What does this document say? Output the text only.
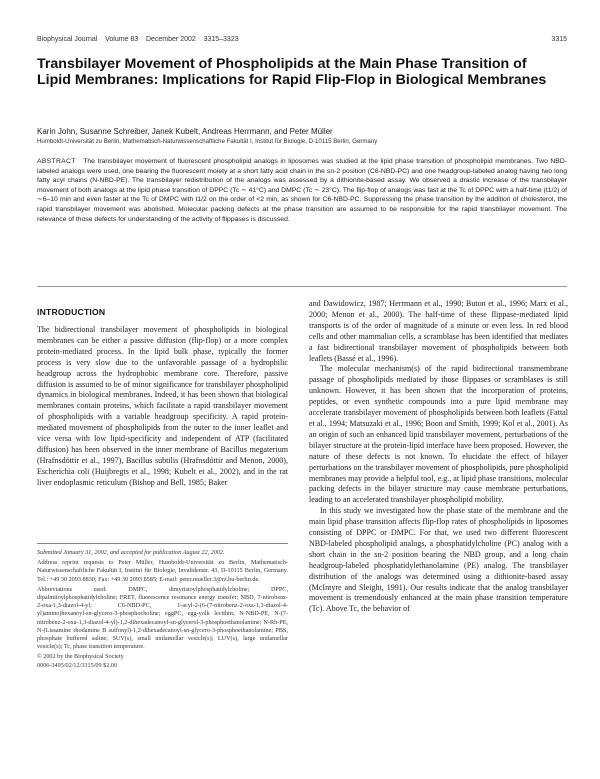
Biophysical Journal Volume 83 December 2002 3315–3323	3315
Transbilayer Movement of Phospholipids at the Main Phase Transition of Lipid Membranes: Implications for Rapid Flip-Flop in Biological Membranes
Karin John, Susanne Schreiber, Janek Kubelt, Andreas Herrmann, and Peter Müller
Humboldt-Universität zu Berlin, Mathematisch-Naturwissenschaftliche Fakultät I, Institut für Biologie, D-10115 Berlin, Germany
ABSTRACT The transbilayer movement of fluorescent phospholipid analogs in liposomes was studied at the lipid phase transition of phospholipid membranes. Two NBD-labeled analogs were used, one bearing the fluorescent moiety at a short fatty acid chain in the sn-2 position (C6-NBD-PC) and one headgroup-labeled analog having two long fatty acyl chains (N-NBD-PE). The transbilayer redistribution of the analogs was assessed by a dithionite-based assay. We observed a drastic increase of the transbilayer movement of both analogs at the lipid phase transition of DPPC (Tc ∼ 41°C) and DMPC (Tc ∼ 23°C). The flip-flop of analogs was fast at the Tc of DPPC with a half-time (t1/2) of ∼6–10 min and even faster at the Tc of DMPC with t1/2 on the order of <2 min, as shown for C6-NBD-PC. Suppressing the phase transition by the addition of cholesterol, the rapid transbilayer movement was abolished. Molecular packing defects at the phase transition are assumed to be responsible for the rapid transbilayer movement. The relevance of those defects for understanding of the activity of flippases is discussed.
INTRODUCTION

The bidirectional transbilayer movement of phospholipids in biological membranes can be either a passive diffusion (flip-flop) or a more complex protein-mediated process. In the lipid bulk phase, typically the former process is very slow due to the unfavorable passage of a hydrophilic headgroup across the hydrophobic membrane core. Therefore, passive diffusion is assumed to be of minor significance for transbilayer phospholipid dynamics in biological membranes. Indeed, it has been shown that biological membranes contain proteins, which facilitate a rapid transbilayer movement of phospholipids with a variable headgroup specificity. A rapid protein-mediated movement of phospholipids from the outer to the inner leaflet and vice versa with low lipid-specificity and independent of ATP (facilitated diffusion) has been observed in the inner membrane of Bacillus megaterium (Hrafnsdóttir et al., 1997), Bacillus subtilis (Hrafnsdóttir and Menon, 2000), Escherichia coli (Huijbregts et al., 1998; Kubelt et al., 2002), and in the rat liver endoplasmic reticulum (Bishop and Bell, 1985; Baker

Submitted January 31, 2002, and accepted for publication August 22, 2002.

Address reprint requests to Peter Müller, Humboldt-Universität zu Berlin, Mathematisch-Naturwissenschaftliche Fakultät I, Institut für Biologie, Invalidenstr. 43, D-10115 Berlin, Germany. Tel.: +49 30 2093 8830; Fax: +49 30 2093 8585; E-mail: peter.mueller.3@rz.hu-berlin.de.

Abbreviations used: DMPC, dimyristoylphosphatidylcholine; DPPC, dipalmitoylphosphatidylcholine; FRET, fluorescence resonance energy transfer; NBD, 7-nitrobenz-2-oxa-1,3-diazol-4-yl; C6-NBD-PC, 1-acyl-2-(6-(7-nitrobenz-2-oxa-1,3-diazol-4-yl)amino)hexanoyl-sn-glycero-3-phosphocholine; eggPC, egg-yolk lecithin; N-NBD-PE, N-(7-nitrobenz-2-oxa-1,3-diazol-4-yl)-1,2-dihexadecanoyl-sn-glycerol-3-phosphoethanolamine; N-Rh-PE, N-(Lissamine rhodamine B sulfonyl)-1,2-dihexadecanoyl-sn-glycero-3-phosphoethanolamine; PBS, phosphate buffered saline; SUV(s), small unilamellar vesicle(s); LUV(s), large unilamellar vesicle(s); Tc, phase transition temperature.

© 2002 by the Biophysical Society

0006-3495/02/12/3315/09 $2.00

and Dawidowicz, 1987; Herrmann et al., 1990; Buton et al., 1996; Marx et al., 2000; Menon et al., 2000). The half-time of these flippase-mediated lipid transports is of the order of magnitude of a minute or even less. In red blood cells and other mammalian cells, a scramblase has been identified that mediates a fast bidirectional transbilayer movement of phospholipids between both leaflets (Bassé et al., 1996).

The molecular mechanism(s) of the rapid bidirectional transmembrane passage of phospholipids mediated by those flippases or scramblases is still unknown. However, it has been shown that the incorporation of proteins, peptides, or even synthetic compounds into a pure lipid membrane may accelerate transbilayer movement of phospholipids between both leaflets (Fattal et al., 1994; Matsuzaki et al., 1996; Boon and Smith, 1999; Kol et al., 2001). As an origin of such an enhanced lipid transbilayer movement, perturbations of the bilayer structure at the protein-lipid interface have been proposed. However, the nature of these defects is not known. To elucidate the effect of bilayer perturbations on the transbilayer movement of phospholipids, pure phospholipid membranes may provide a helpful tool, e.g., at lipid phase transitions, molecular packing defects in the bilayer structure may cause membrane perturbations, leading to an accelerated transbilayer phospholipid mobility.

In this study we investigated how the phase state of the membrane and the main lipid phase transition affects flip-flop rates of phospholipids in liposomes consisting of DPPC or DMPC. For that, we used two different fluorescent NBD-labeled phospholipid analogs, a phosphatidylcholine (PC) analog with a short chain in the sn-2 position bearing the NBD group, and a long chain headgroup-labeled phosphatidylethanolamine (PE) analog. The transbilayer distribution of the analogs was determined using a dithionite-based assay (McIntyre and Sleight, 1991). Our results indicate that the analog transbilayer movement is tremendously enhanced at the main phase transition temperature (Tc). Above Tc, the behavior of
